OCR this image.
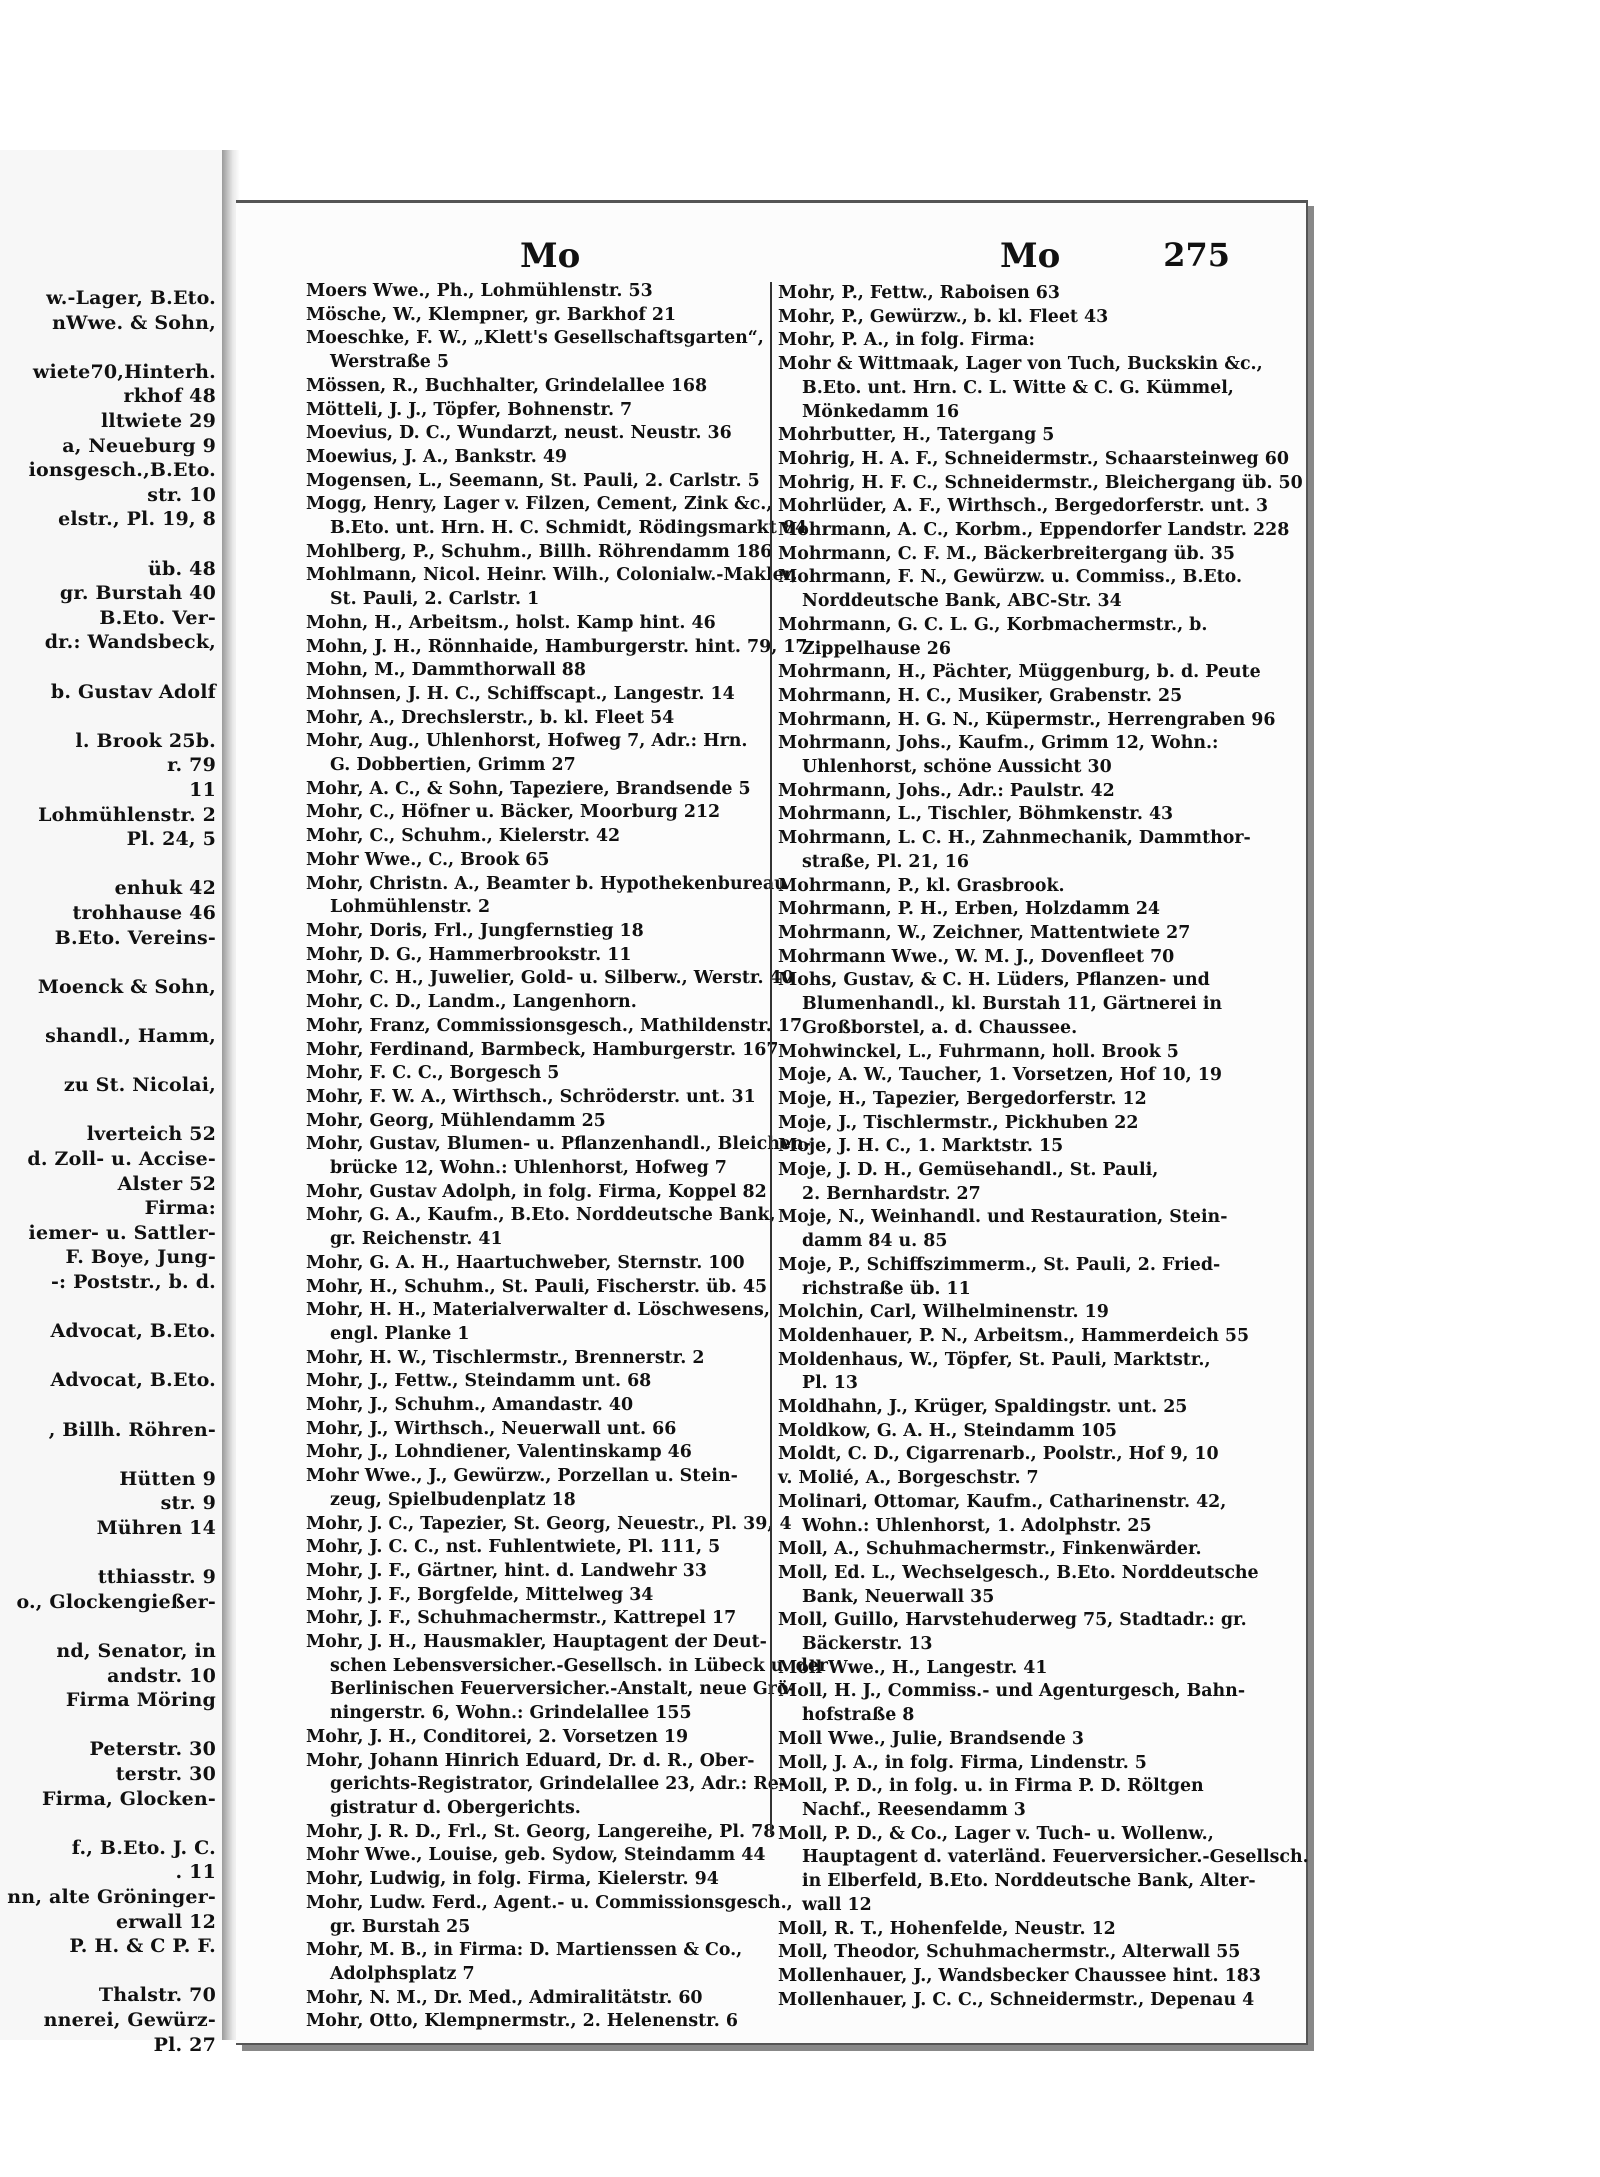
w.-Lager, B.Eto.
nWwe. & Sohn,
wiete70,Hinterh.
rkhof 48
lltwiete 29
a, Neueburg 9
ionsgesch.,B.Eto.
str. 10
elstr., Pl. 19, 8
üb. 48
gr. Burstah 40
B.Eto. Ver-
dr.: Wandsbeck,
b. Gustav Adolf
l. Brook 25b.
r. 79
11
Lohmühlenstr. 2
Pl. 24, 5
enhuk 42
trohhause 46
B.Eto. Vereins-
Moenck & Sohn,
shandl., Hamm,
zu St. Nicolai,
lverteich 52
d. Zoll- u. Accise-
Alster 52
Firma:
iemer- u. Sattler-
F. Boye, Jung-
-: Poststr., b. d.
Advocat, B.Eto.
Advocat, B.Eto.
, Billh. Röhren-
Hütten 9
str. 9
Mühren 14
tthiasstr. 9
o., Glockengießer-
nd, Senator, in
andstr. 10
Firma Möring
Peterstr. 30
terstr. 30
Firma, Glocken-
f., B.Eto. J. C.
. 11
nn, alte Gröninger-
erwall 12
P. H. & C P. F.
Thalstr. 70
nnerei, Gewürz-
Pl. 27
Mo	Mo	275
Moers Wwe., Ph., Lohmühlenstr. 53
Mösche, W., Klempner, gr. Barkhof 21
Moeschke, F. W., „Klett's Gesellschaftsgarten“,
Werstraße 5
Mössen, R., Buchhalter, Grindelallee 168
Mötteli, J. J., Töpfer, Bohnenstr. 7
Moevius, D. C., Wundarzt, neust. Neustr. 36
Moewius, J. A., Bankstr. 49
Mogensen, L., Seemann, St. Pauli, 2. Carlstr. 5
Mogg, Henry, Lager v. Filzen, Cement, Zink &c.,
B.Eto. unt. Hrn. H. C. Schmidt, Rödingsmarkt 84
Mohlberg, P., Schuhm., Billh. Röhrendamm 186
Mohlmann, Nicol. Heinr. Wilh., Colonialw.-Makler,
St. Pauli, 2. Carlstr. 1
Mohn, H., Arbeitsm., holst. Kamp hint. 46
Mohn, J. H., Rönnhaide, Hamburgerstr. hint. 79, 17
Mohn, M., Dammthorwall 88
Mohnsen, J. H. C., Schiffscapt., Langestr. 14
Mohr, A., Drechslerstr., b. kl. Fleet 54
Mohr, Aug., Uhlenhorst, Hofweg 7, Adr.: Hrn.
G. Dobbertien, Grimm 27
Mohr, A. C., & Sohn, Tapeziere, Brandsende 5
Mohr, C., Höfner u. Bäcker, Moorburg 212
Mohr, C., Schuhm., Kielerstr. 42
Mohr Wwe., C., Brook 65
Mohr, Christn. A., Beamter b. Hypothekenbureau
Lohmühlenstr. 2
Mohr, Doris, Frl., Jungfernstieg 18
Mohr, D. G., Hammerbrookstr. 11
Mohr, C. H., Juwelier, Gold- u. Silberw., Werstr. 40
Mohr, C. D., Landm., Langenhorn.
Mohr, Franz, Commissionsgesch., Mathildenstr. 17
Mohr, Ferdinand, Barmbeck, Hamburgerstr. 167
Mohr, F. C. C., Borgesch 5
Mohr, F. W. A., Wirthsch., Schröderstr. unt. 31
Mohr, Georg, Mühlendamm 25
Mohr, Gustav, Blumen- u. Pflanzenhandl., Bleichen-
brücke 12, Wohn.: Uhlenhorst, Hofweg 7
Mohr, Gustav Adolph, in folg. Firma, Koppel 82
Mohr, G. A., Kaufm., B.Eto. Norddeutsche Bank,
gr. Reichenstr. 41
Mohr, G. A. H., Haartuchweber, Sternstr. 100
Mohr, H., Schuhm., St. Pauli, Fischerstr. üb. 45
Mohr, H. H., Materialverwalter d. Löschwesens,
engl. Planke 1
Mohr, H. W., Tischlermstr., Brennerstr. 2
Mohr, J., Fettw., Steindamm unt. 68
Mohr, J., Schuhm., Amandastr. 40
Mohr, J., Wirthsch., Neuerwall unt. 66
Mohr, J., Lohndiener, Valentinskamp 46
Mohr Wwe., J., Gewürzw., Porzellan u. Stein-
zeug, Spielbudenplatz 18
Mohr, J. C., Tapezier, St. Georg, Neuestr., Pl. 39, 4
Mohr, J. C. C., nst. Fuhlentwiete, Pl. 111, 5
Mohr, J. F., Gärtner, hint. d. Landwehr 33
Mohr, J. F., Borgfelde, Mittelweg 34
Mohr, J. F., Schuhmachermstr., Kattrepel 17
Mohr, J. H., Hausmakler, Hauptagent der Deut-
schen Lebensversicher.-Gesellsch. in Lübeck u. der
Berlinischen Feuerversicher.-Anstalt, neue Grö-
ningerstr. 6, Wohn.: Grindelallee 155
Mohr, J. H., Conditorei, 2. Vorsetzen 19
Mohr, Johann Hinrich Eduard, Dr. d. R., Ober-
gerichts-Registrator, Grindelallee 23, Adr.: Re-
gistratur d. Obergerichts.
Mohr, J. R. D., Frl., St. Georg, Langereihe, Pl. 78
Mohr Wwe., Louise, geb. Sydow, Steindamm 44
Mohr, Ludwig, in folg. Firma, Kielerstr. 94
Mohr, Ludw. Ferd., Agent.- u. Commissionsgesch.,
gr. Burstah 25
Mohr, M. B., in Firma: D. Martienssen & Co.,
Adolphsplatz 7
Mohr, N. M., Dr. Med., Admiralitätstr. 60
Mohr, Otto, Klempnermstr., 2. Helenenstr. 6
Mohr, P., Fettw., Raboisen 63
Mohr, P., Gewürzw., b. kl. Fleet 43
Mohr, P. A., in folg. Firma:
Mohr & Wittmaak, Lager von Tuch, Buckskin &c.,
B.Eto. unt. Hrn. C. L. Witte & C. G. Kümmel,
Mönkedamm 16
Mohrbutter, H., Tatergang 5
Mohrig, H. A. F., Schneidermstr., Schaarsteinweg 60
Mohrig, H. F. C., Schneidermstr., Bleichergang üb. 50
Mohrlüder, A. F., Wirthsch., Bergedorferstr. unt. 3
Mohrmann, A. C., Korbm., Eppendorfer Landstr. 228
Mohrmann, C. F. M., Bäckerbreitergang üb. 35
Mohrmann, F. N., Gewürzw. u. Commiss., B.Eto.
Norddeutsche Bank, ABC-Str. 34
Mohrmann, G. C. L. G., Korbmachermstr., b.
Zippelhause 26
Mohrmann, H., Pächter, Müggenburg, b. d. Peute
Mohrmann, H. C., Musiker, Grabenstr. 25
Mohrmann, H. G. N., Küpermstr., Herrengraben 96
Mohrmann, Johs., Kaufm., Grimm 12, Wohn.:
Uhlenhorst, schöne Aussicht 30
Mohrmann, Johs., Adr.: Paulstr. 42
Mohrmann, L., Tischler, Böhmkenstr. 43
Mohrmann, L. C. H., Zahnmechanik, Dammthor-
straße, Pl. 21, 16
Mohrmann, P., kl. Grasbrook.
Mohrmann, P. H., Erben, Holzdamm 24
Mohrmann, W., Zeichner, Mattentwiete 27
Mohrmann Wwe., W. M. J., Dovenfleet 70
Mohs, Gustav, & C. H. Lüders, Pflanzen- und
Blumenhandl., kl. Burstah 11, Gärtnerei in
Großborstel, a. d. Chaussee.
Mohwinckel, L., Fuhrmann, holl. Brook 5
Moje, A. W., Taucher, 1. Vorsetzen, Hof 10, 19
Moje, H., Tapezier, Bergedorferstr. 12
Moje, J., Tischlermstr., Pickhuben 22
Moje, J. H. C., 1. Marktstr. 15
Moje, J. D. H., Gemüsehandl., St. Pauli,
2. Bernhardstr. 27
Moje, N., Weinhandl. und Restauration, Stein-
damm 84 u. 85
Moje, P., Schiffszimmerm., St. Pauli, 2. Fried-
richstraße üb. 11
Molchin, Carl, Wilhelminenstr. 19
Moldenhauer, P. N., Arbeitsm., Hammerdeich 55
Moldenhaus, W., Töpfer, St. Pauli, Marktstr.,
Pl. 13
Moldhahn, J., Krüger, Spaldingstr. unt. 25
Moldkow, G. A. H., Steindamm 105
Moldt, C. D., Cigarrenarb., Poolstr., Hof 9, 10
v. Molié, A., Borgeschstr. 7
Molinari, Ottomar, Kaufm., Catharinenstr. 42,
Wohn.: Uhlenhorst, 1. Adolphstr. 25
Moll, A., Schuhmachermstr., Finkenwärder.
Moll, Ed. L., Wechselgesch., B.Eto. Norddeutsche
Bank, Neuerwall 35
Moll, Guillo, Harvstehuderweg 75, Stadtadr.: gr.
Bäckerstr. 13
Moll Wwe., H., Langestr. 41
Moll, H. J., Commiss.- und Agenturgesch, Bahn-
hofstraße 8
Moll Wwe., Julie, Brandsende 3
Moll, J. A., in folg. Firma, Lindenstr. 5
Moll, P. D., in folg. u. in Firma P. D. Röltgen
Nachf., Reesendamm 3
Moll, P. D., & Co., Lager v. Tuch- u. Wollenw.,
Hauptagent d. vaterländ. Feuerversicher.-Gesellsch.
in Elberfeld, B.Eto. Norddeutsche Bank, Alter-
wall 12
Moll, R. T., Hohenfelde, Neustr. 12
Moll, Theodor, Schuhmachermstr., Alterwall 55
Mollenhauer, J., Wandsbecker Chaussee hint. 183
Mollenhauer, J. C. C., Schneidermstr., Depenau 4
